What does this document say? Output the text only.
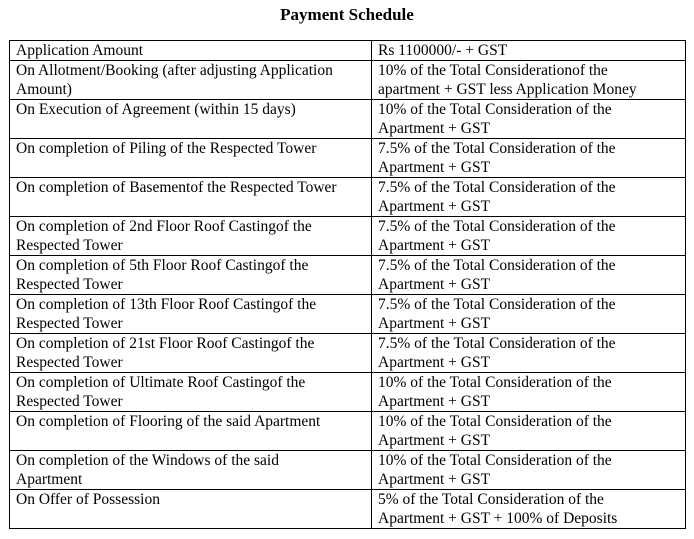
Payment Schedule
Application Amount	Rs 1100000/- + GST
On Allotment/Booking (after adjusting Application
Amount)	10% of the Total Considerationof the
apartment + GST less Application Money
On Execution of Agreement (within 15 days)	10% of the Total Consideration of the
Apartment + GST
On completion of Piling of the Respected Tower	7.5% of the Total Consideration of the
Apartment + GST
On completion of Basementof the Respected Tower	7.5% of the Total Consideration of the
Apartment + GST
On completion of 2nd Floor Roof Castingof the
Respected Tower	7.5% of the Total Consideration of the
Apartment + GST
On completion of 5th Floor Roof Castingof the
Respected Tower	7.5% of the Total Consideration of the
Apartment + GST
On completion of 13th Floor Roof Castingof the
Respected Tower	7.5% of the Total Consideration of the
Apartment + GST
On completion of 21st Floor Roof Castingof the
Respected Tower	7.5% of the Total Consideration of the
Apartment + GST
On completion of Ultimate Roof Castingof the
Respected Tower	10% of the Total Consideration of the
Apartment + GST
On completion of Flooring of the said Apartment	10% of the Total Consideration of the
Apartment + GST
On completion of the Windows of the said
Apartment	10% of the Total Consideration of the
Apartment + GST
On Offer of Possession	5% of the Total Consideration of the
Apartment + GST + 100% of Deposits
